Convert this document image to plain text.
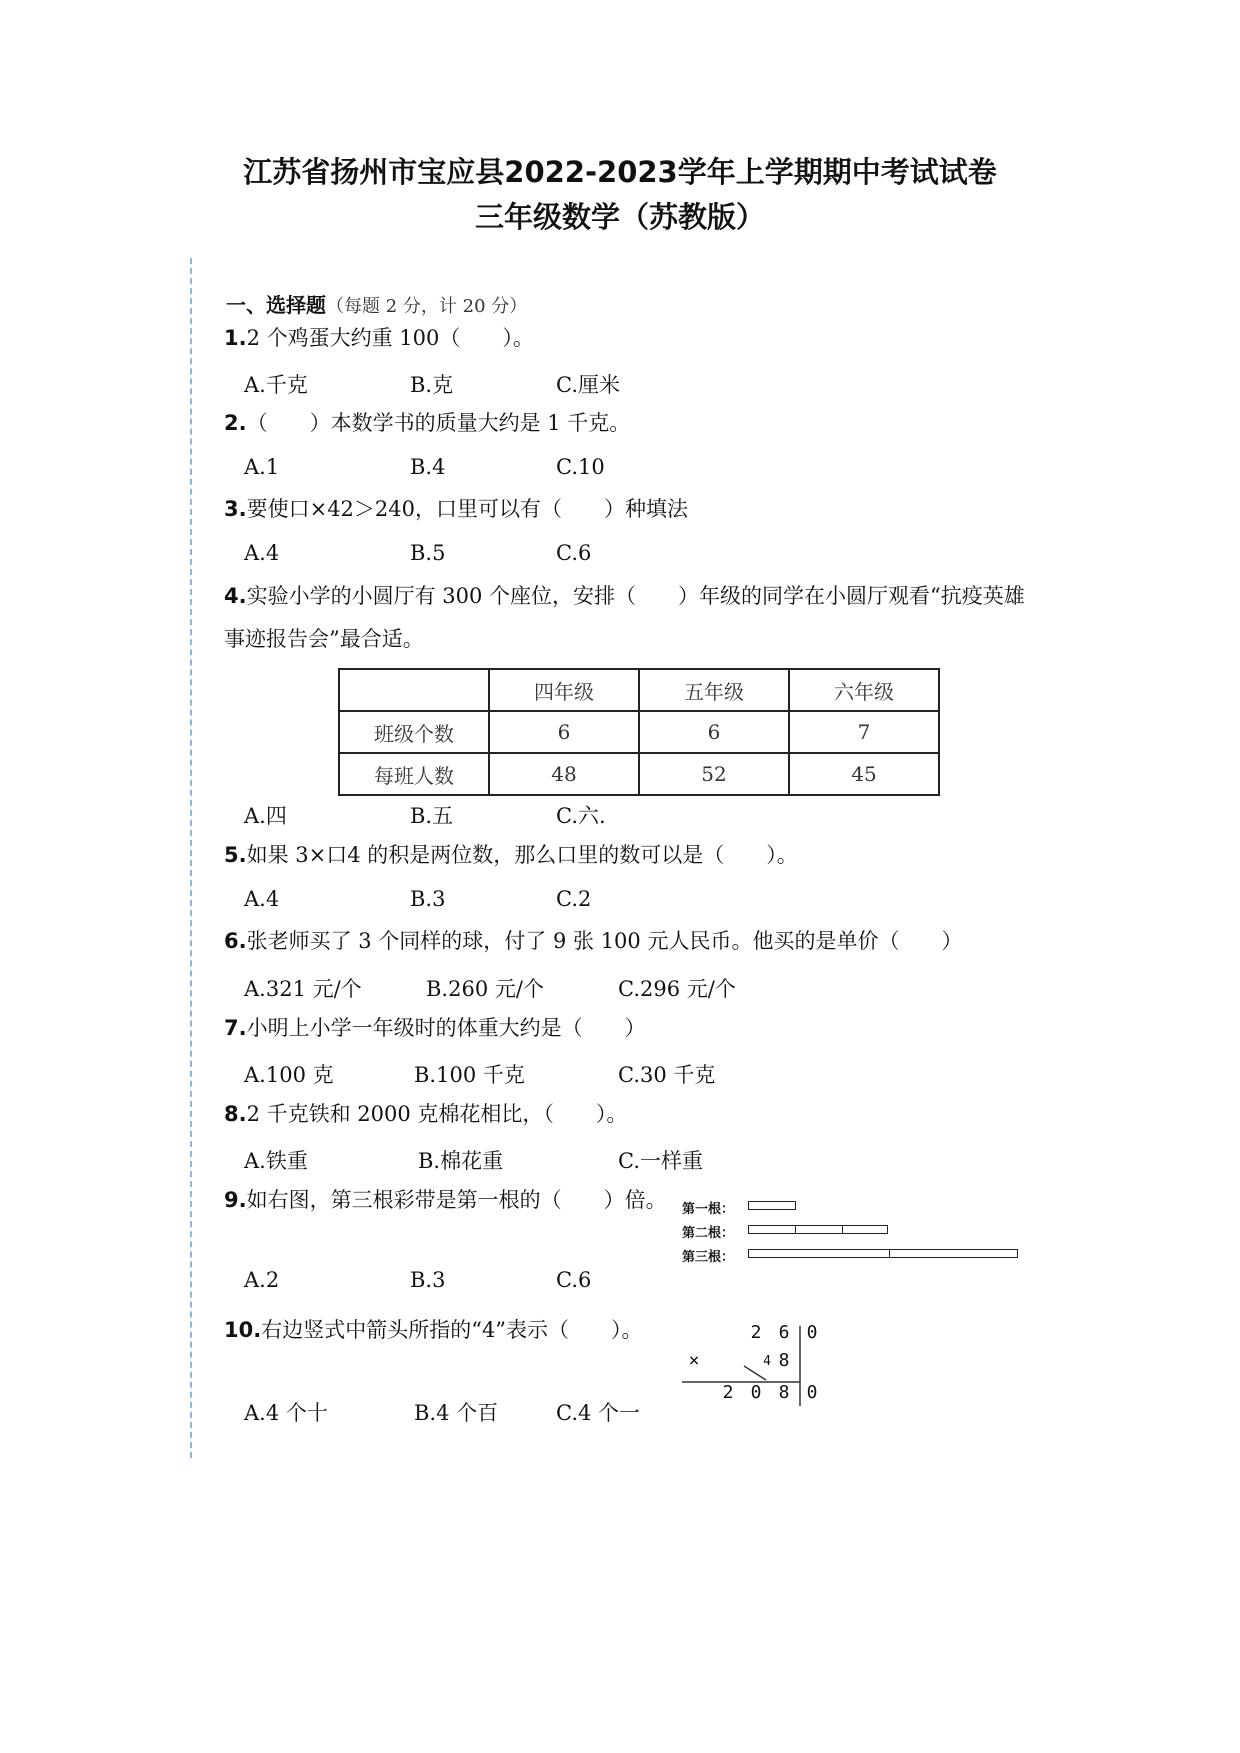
江苏省扬州市宝应县2022-2023学年上学期期中考试试卷
三年级数学（苏教版）
一、选择题（每题 2 分，计 20 分）
1.2 个鸡蛋大约重 100（　　）。
A.千克	B.克	C.厘米
2.（　　）本数学书的质量大约是 1 千克。
A.1	B.4	C.10
3.要使口×42＞240，口里可以有（　　）种填法
A.4	B.5	C.6
4.实验小学的小圆厅有 300 个座位，安排（　　）年级的同学在小圆厅观看“抗疫英雄
事迹报告会”最合适。
	四年级	五年级	六年级
班级个数	6	6	7
每班人数	48	52	45
A.四	B.五	C.六.
5.如果 3×口4 的积是两位数，那么口里的数可以是（　　）。
A.4	B.3	C.2
6.张老师买了 3 个同样的球，付了 9 张 100 元人民币。他买的是单价（　　）
A.321 元/个	B.260 元/个	C.296 元/个
7.小明上小学一年级时的体重大约是（　　）
A.100 克	B.100 千克	C.30 千克
8.2 千克铁和 2000 克棉花相比，（　　）。
A.铁重	B.棉花重	C.一样重
9.如右图，第三根彩带是第一根的（　　）倍。 第一根：
第二根：
第三根：
A.2	B.3	C.6
10.右边竖式中箭头所指的“4”表示（　　）。	2 6 0
×	4 8
2 0 8 0
A.4 个十	B.4 个百	C.4 个一
